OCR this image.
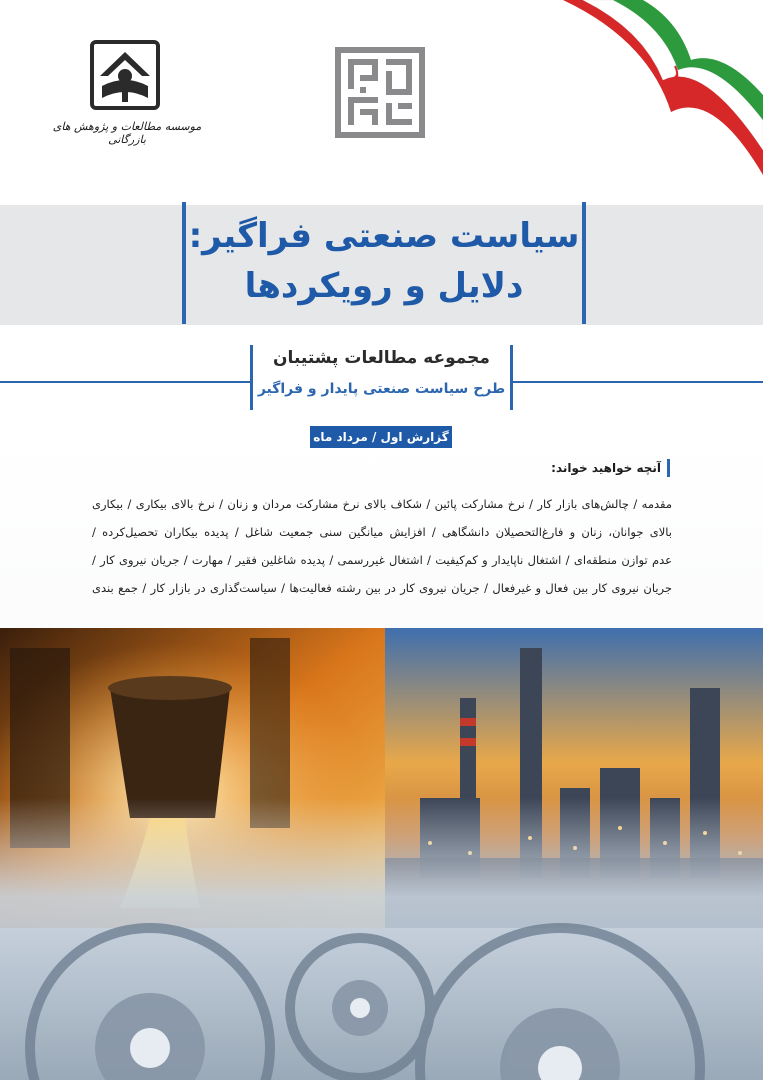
موسسه مطالعات و پژوهش های بازرگانی
✦
سیاست صنعتی فراگیر:
دلایل و رویکردها
مجموعه مطالعات پشتیبان
طرح سیاست صنعتی پایدار و فراگیر
گزارش اول / مرداد ماه ۱۴۰۱
آنچه خواهید خواند:
مقدمه / چالش‌های بازار کار / نرخ مشارکت پائین / شکاف بالای نرخ مشارکت مردان و زنان / نرخ بالای بیکاری / بیکاری
بالای جوانان، زنان و فارغ‌التحصیلان دانشگاهی / افزایش میانگین سنی جمعیت شاغل / پدیده بیکاران تحصیل‌کرده /
عدم توازن منطقه‌ای / اشتغال ناپایدار و کم‌کیفیت / اشتغال غیررسمی / پدیده شاغلین فقیر / مهارت / جریان نیروی کار /
جریان نیروی کار بین فعال و غیرفعال / جریان نیروی کار در بین رشته فعالیت‌ها / سیاست‌گذاری در بازار کار / جمع بندی
